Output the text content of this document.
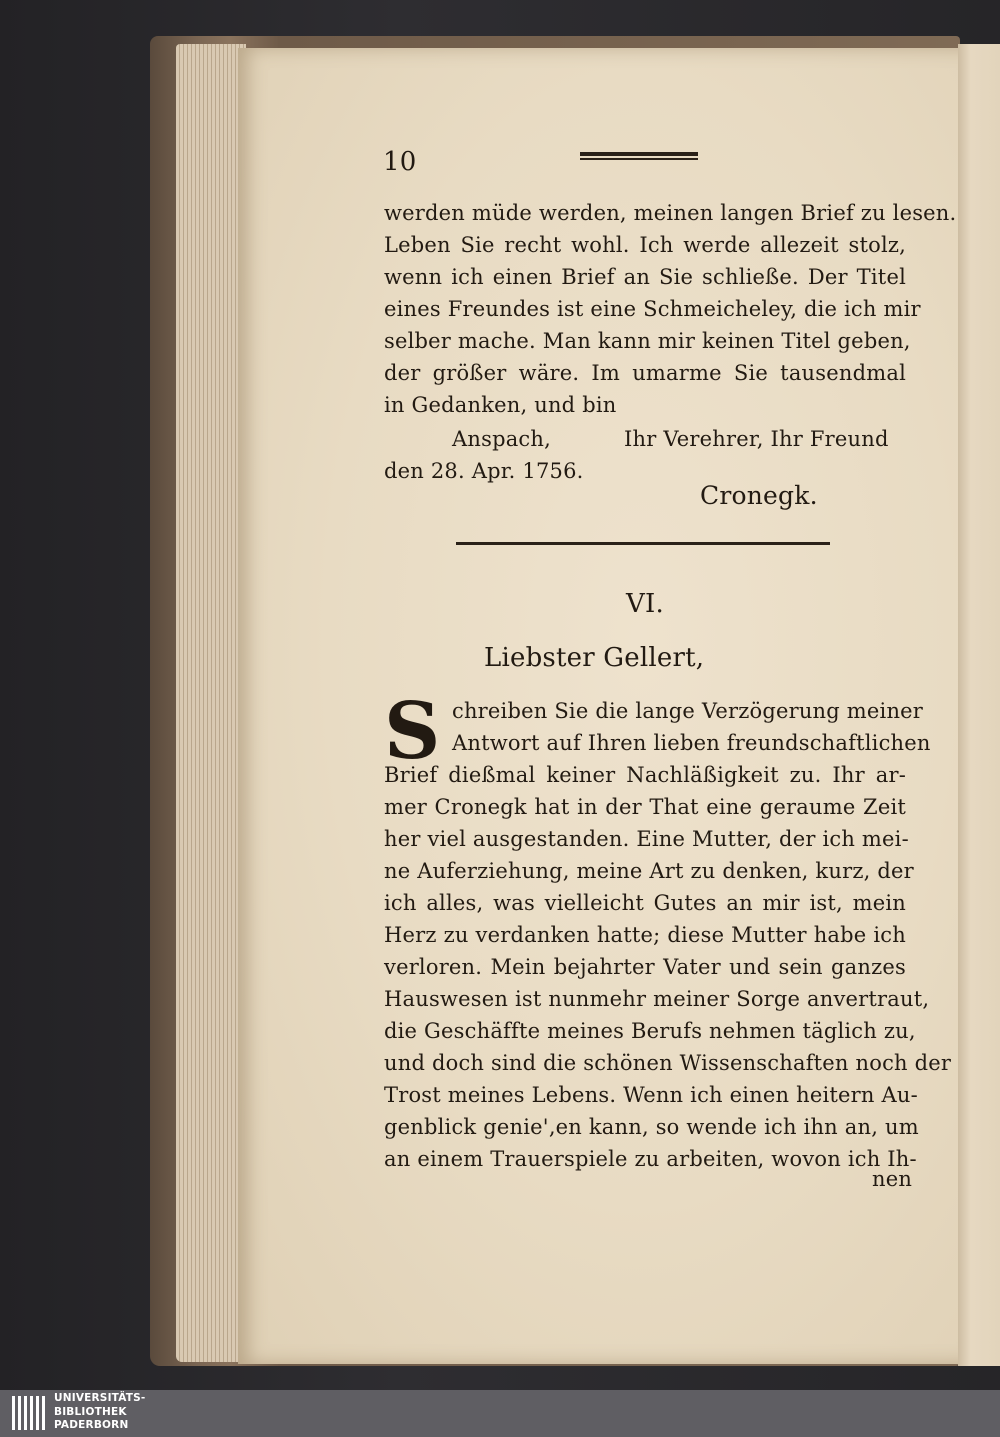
10
werden müde werden, meinen langen Brief zu lesen.
Leben Sie recht wohl. Ich werde allezeit stolz,
wenn ich einen Brief an Sie schließe. Der Titel
eines Freundes ist eine Schmeicheley, die ich mir
selber mache. Man kann mir keinen Titel geben,
der größer wäre. Im umarme Sie tausendmal
in Gedanken, und bin
Anspach,	Ihr Verehrer, Ihr Freund
den 28. Apr. 1756.
Cronegk.
VI.
Liebster Gellert,
S chreiben Sie die lange Verzögerung meiner
Antwort auf Ihren lieben freundschaftlichen
Brief dießmal keiner Nachläßigkeit zu. Ihr ar-
mer Cronegk hat in der That eine geraume Zeit
her viel ausgestanden. Eine Mutter, der ich mei-
ne Auferziehung, meine Art zu denken, kurz, der
ich alles, was vielleicht Gutes an mir ist, mein
Herz zu verdanken hatte; diese Mutter habe ich
verloren. Mein bejahrter Vater und sein ganzes
Hauswesen ist nunmehr meiner Sorge anvertraut,
die Geschäffte meines Berufs nehmen täglich zu,
und doch sind die schönen Wissenschaften noch der
Trost meines Lebens. Wenn ich einen heitern Au-
genblick genie'‚en kann, so wende ich ihn an, um
an einem Trauerspiele zu arbeiten, wovon ich Ih-
nen
UNIVERSITÄTS-
BIBLIOTHEK
PADERBORN
